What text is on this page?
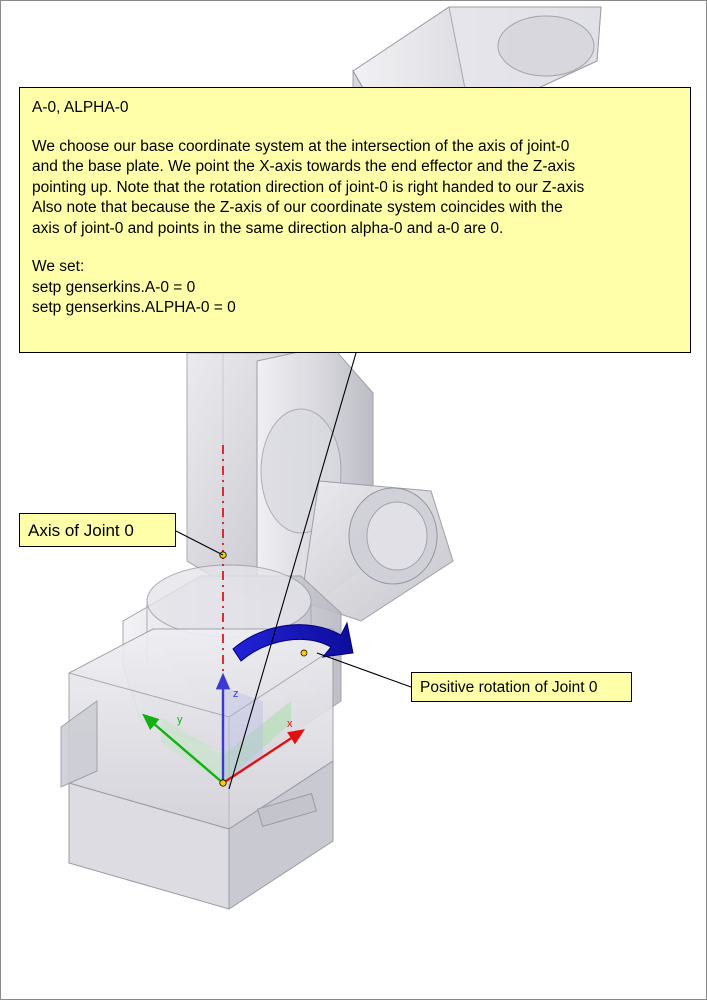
x
y
z
A-0, ALPHA-0
We choose our base coordinate system at the intersection of the axis of joint-0
and the base plate. We point the X-axis towards the end effector and the Z-axis
pointing up. Note that the rotation direction of joint-0 is right handed to our Z-axis
Also note that because the Z-axis of our coordinate system coincides with the
axis of joint-0 and points in the same direction alpha-0 and a-0 are 0.
We set:
setp genserkins.A-0 = 0
setp genserkins.ALPHA-0 = 0
Axis of Joint 0
Positive rotation of Joint 0
